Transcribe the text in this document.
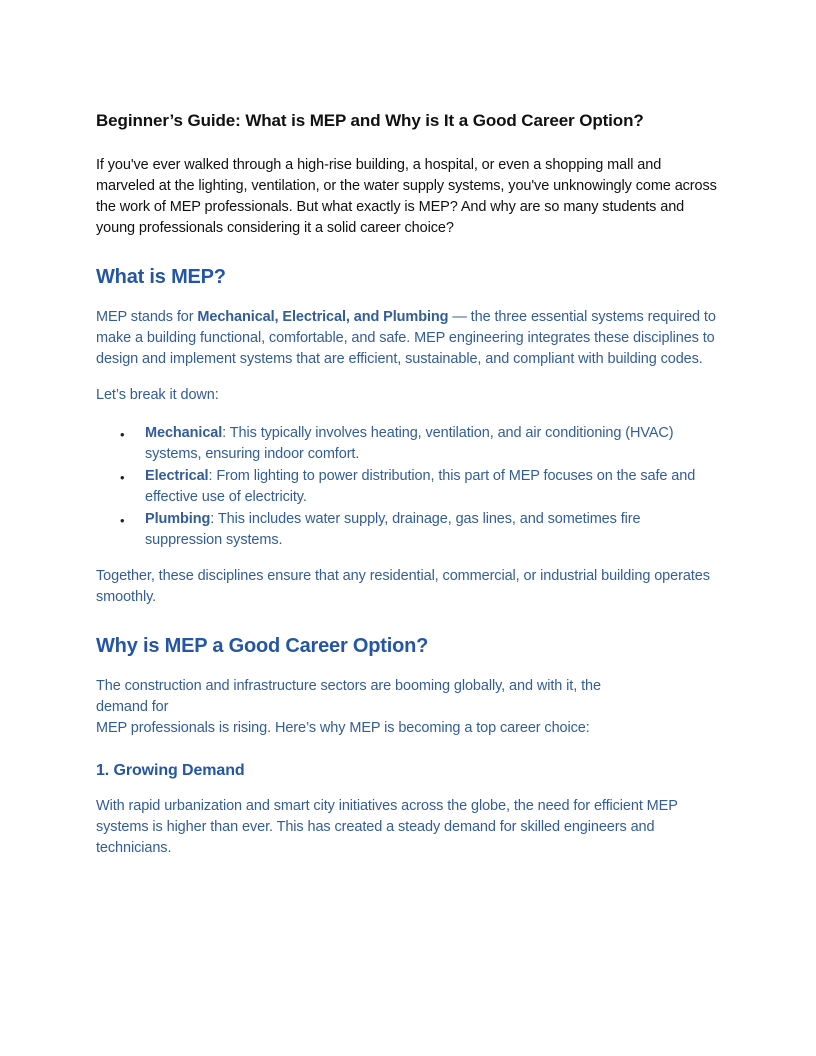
Beginner’s Guide: What is MEP and Why is It a Good Career Option?

If you've ever walked through a high-rise building, a hospital, or even a shopping mall and marveled at the lighting, ventilation, or the water supply systems, you've unknowingly come across the work of MEP professionals. But what exactly is MEP? And why are so many students and young professionals considering it a solid career choice?

What is MEP?

MEP stands for Mechanical, Electrical, and Plumbing — the three essential systems required to make a building functional, comfortable, and safe. MEP engineering integrates these disciplines to design and implement systems that are efficient, sustainable, and compliant with building codes.

Let’s break it down:

• Mechanical: This typically involves heating, ventilation, and air conditioning (HVAC) systems, ensuring indoor comfort.
• Electrical: From lighting to power distribution, this part of MEP focuses on the safe and effective use of electricity.
• Plumbing: This includes water supply, drainage, gas lines, and sometimes fire suppression systems.

Together, these disciplines ensure that any residential, commercial, or industrial building operates smoothly.

Why is MEP a Good Career Option?

The construction and infrastructure sectors are booming globally, and with it, the
demand for
MEP professionals is rising. Here’s why MEP is becoming a top career choice:

1. Growing Demand

With rapid urbanization and smart city initiatives across the globe, the need for efficient MEP systems is higher than ever. This has created a steady demand for skilled engineers and technicians.
